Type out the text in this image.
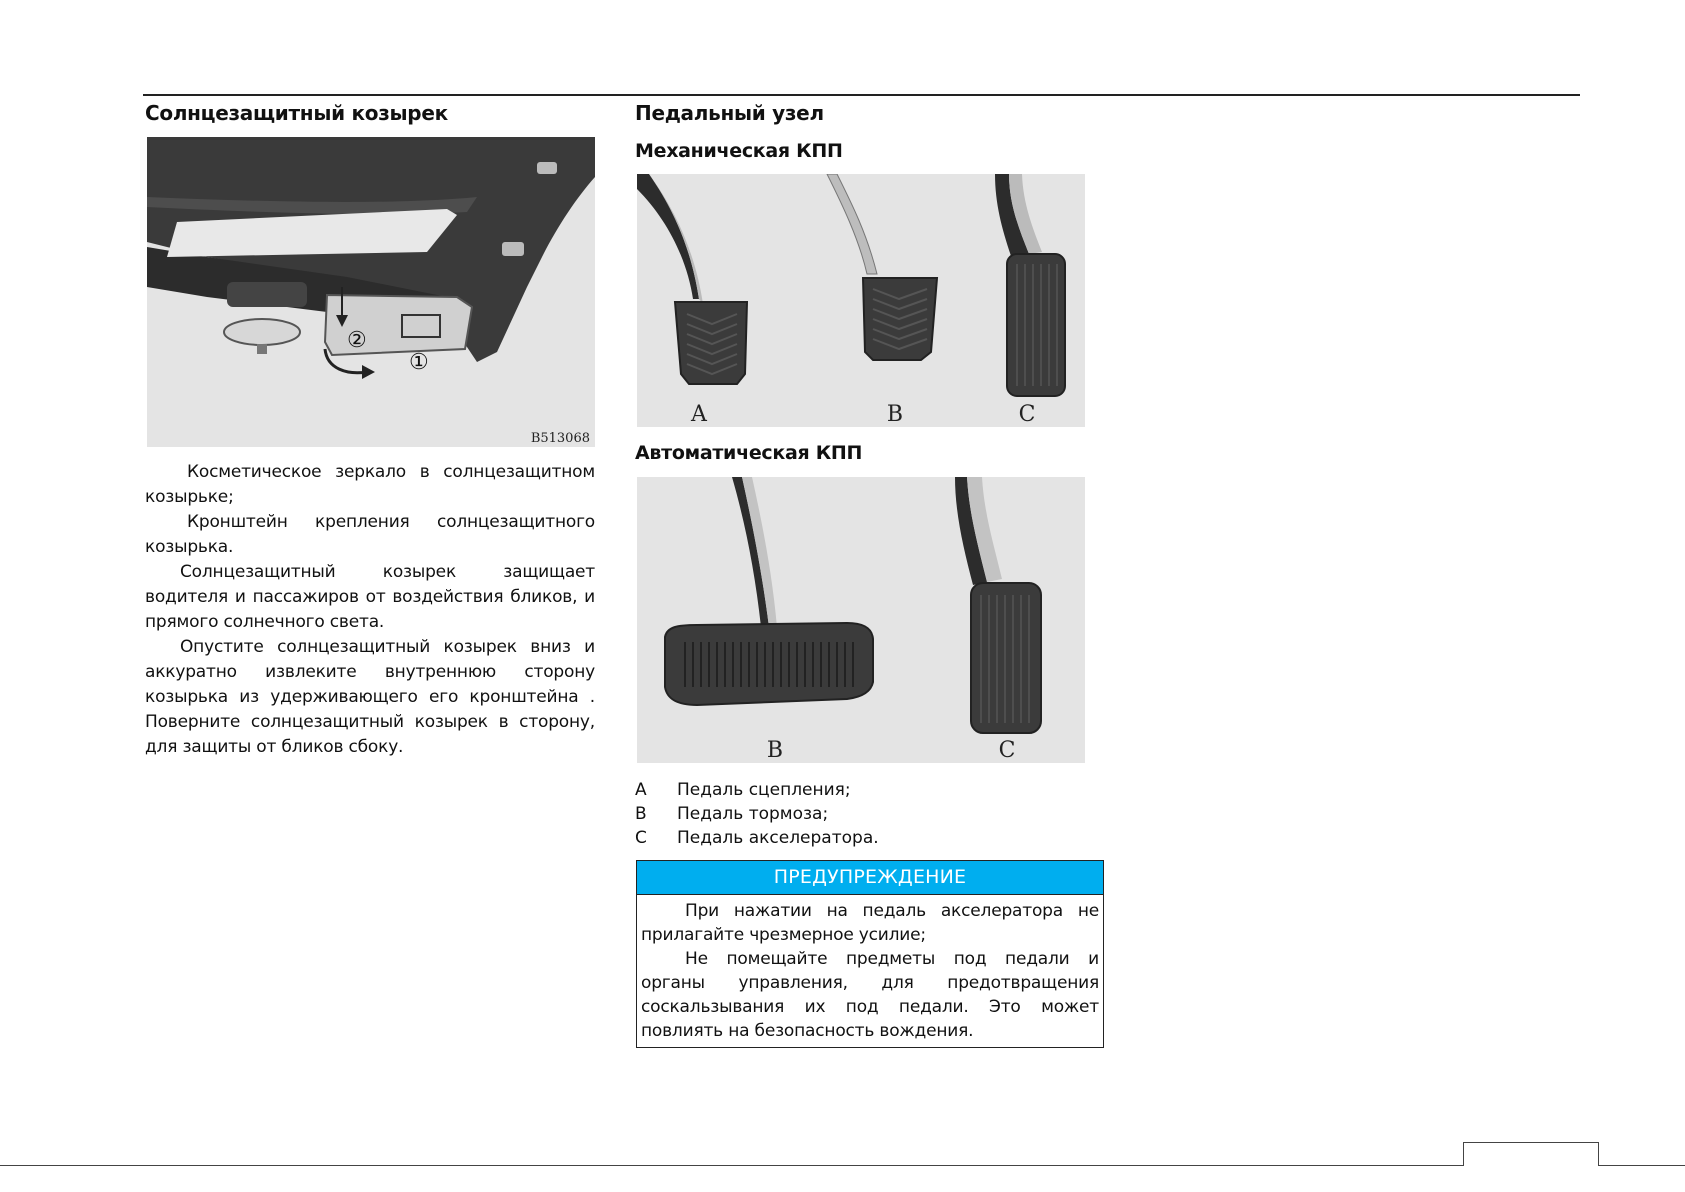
Солнцезащитный козырек
②
①
B513068

Косметическое зеркало в солнцезащитном козырьке;

Кронштейн крепления солнцезащитного козырька.

Солнцезащитный козырек защищает водителя и пассажиров от воздействия бликов, и прямого солнечного света.

Опустите солнцезащитный козырек вниз и аккуратно извлеките внутреннюю сторону козырька из удерживающего его кронштейна . Поверните солнцезащитный козырек в сторону, для защиты от бликов сбоку.

Педальный узел
Механическая КПП
A	B	C
Автоматическая КПП
B	C
A	Педаль сцепления;
B	Педаль тормоза;
C	Педаль акселератора.
ПРЕДУПРЕЖДЕНИЕ

При нажатии на педаль акселератора не прилагайте чрезмерное усилие;

Не помещайте предметы под педали и органы управления, для предотвращения соскальзывания их под педали. Это может повлиять на безопасность вождения.
